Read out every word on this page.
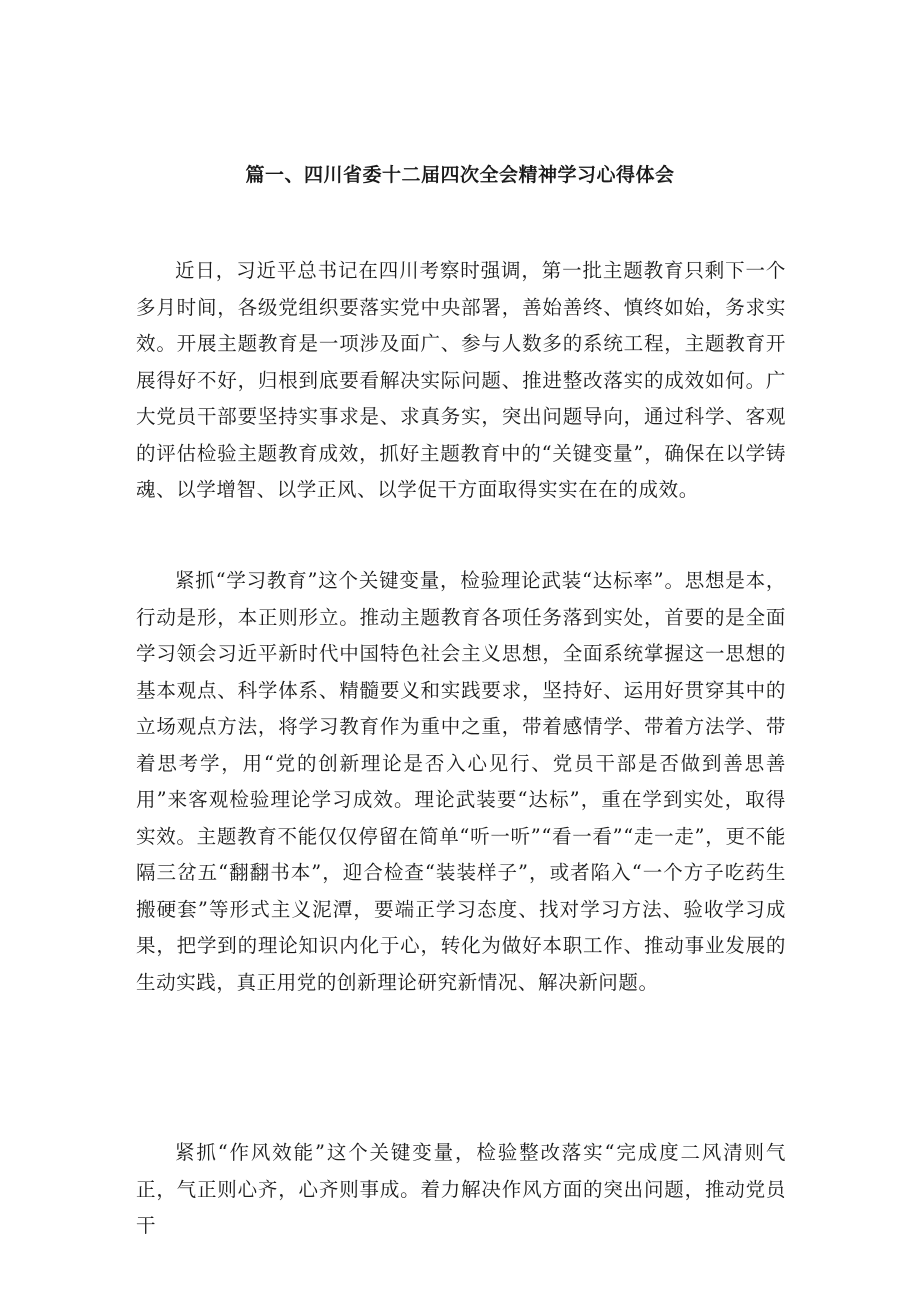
篇一、四川省委十二届四次全会精神学习心得体会

近日，习近平总书记在四川考察时强调，第一批主题教育只剩下一个多月时间，各级党组织要落实党中央部署，善始善终、慎终如始，务求实效。开展主题教育是一项涉及面广、参与人数多的系统工程，主题教育开展得好不好，归根到底要看解决实际问题、推进整改落实的成效如何。广大党员干部要坚持实事求是、求真务实，突出问题导向，通过科学、客观的评估检验主题教育成效，抓好主题教育中的“关键变量”，确保在以学铸魂、以学增智、以学正风、以学促干方面取得实实在在的成效。

紧抓“学习教育”这个关键变量，检验理论武装“达标率”。思想是本，行动是形，本正则形立。推动主题教育各项任务落到实处，首要的是全面学习领会习近平新时代中国特色社会主义思想，全面系统掌握这一思想的基本观点、科学体系、精髓要义和实践要求，坚持好、运用好贯穿其中的立场观点方法，将学习教育作为重中之重，带着感情学、带着方法学、带着思考学，用“党的创新理论是否入心见行、党员干部是否做到善思善用”来客观检验理论学习成效。理论武装要“达标”，重在学到实处，取得实效。主题教育不能仅仅停留在简单“听一听”“看一看”“走一走”，更不能隔三岔五“翻翻书本”，迎合检查“装装样子”，或者陷入“一个方子吃药生搬硬套”等形式主义泥潭，要端正学习态度、找对学习方法、验收学习成果，把学到的理论知识内化于心，转化为做好本职工作、推动事业发展的生动实践，真正用党的创新理论研究新情况、解决新问题。

紧抓“作风效能”这个关键变量，检验整改落实“完成度二风清则气正，气正则心齐，心齐则事成。着力解决作风方面的突出问题，推动党员干
